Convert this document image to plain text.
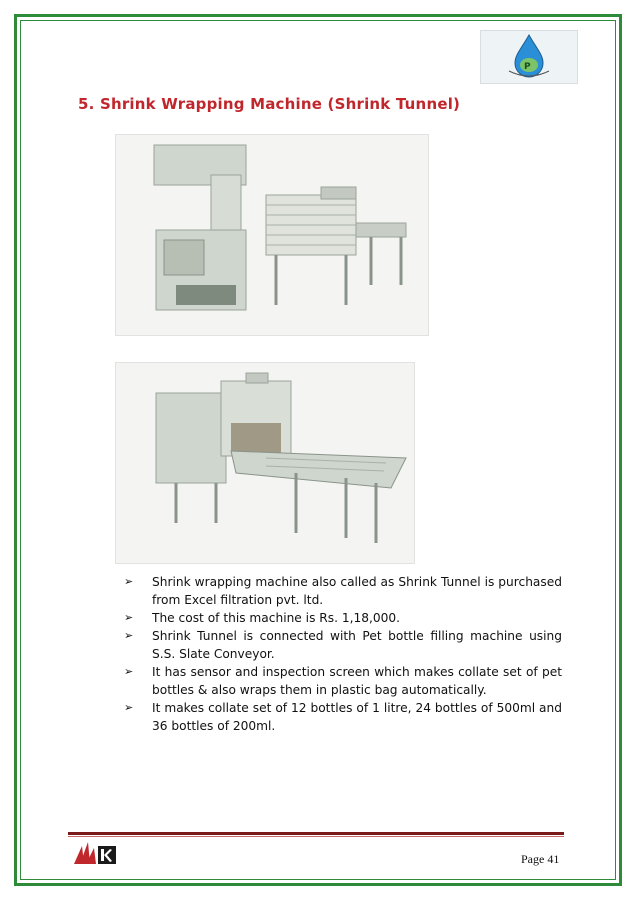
P
5. Shrink Wrapping Machine (Shrink Tunnel)
➢ Shrink wrapping machine also called as Shrink Tunnel is purchased from Excel filtration pvt. ltd.
➢ The cost of this machine is Rs. 1,18,000.
➢ Shrink Tunnel is connected with Pet bottle filling machine using S.S. Slate Conveyor.
➢ It has sensor and inspection screen which makes collate set of pet bottles & also wraps them in plastic bag automatically.
➢ It makes collate set of 12 bottles of 1 litre, 24 bottles of 500ml and 36 bottles of 200ml.
Page 41
